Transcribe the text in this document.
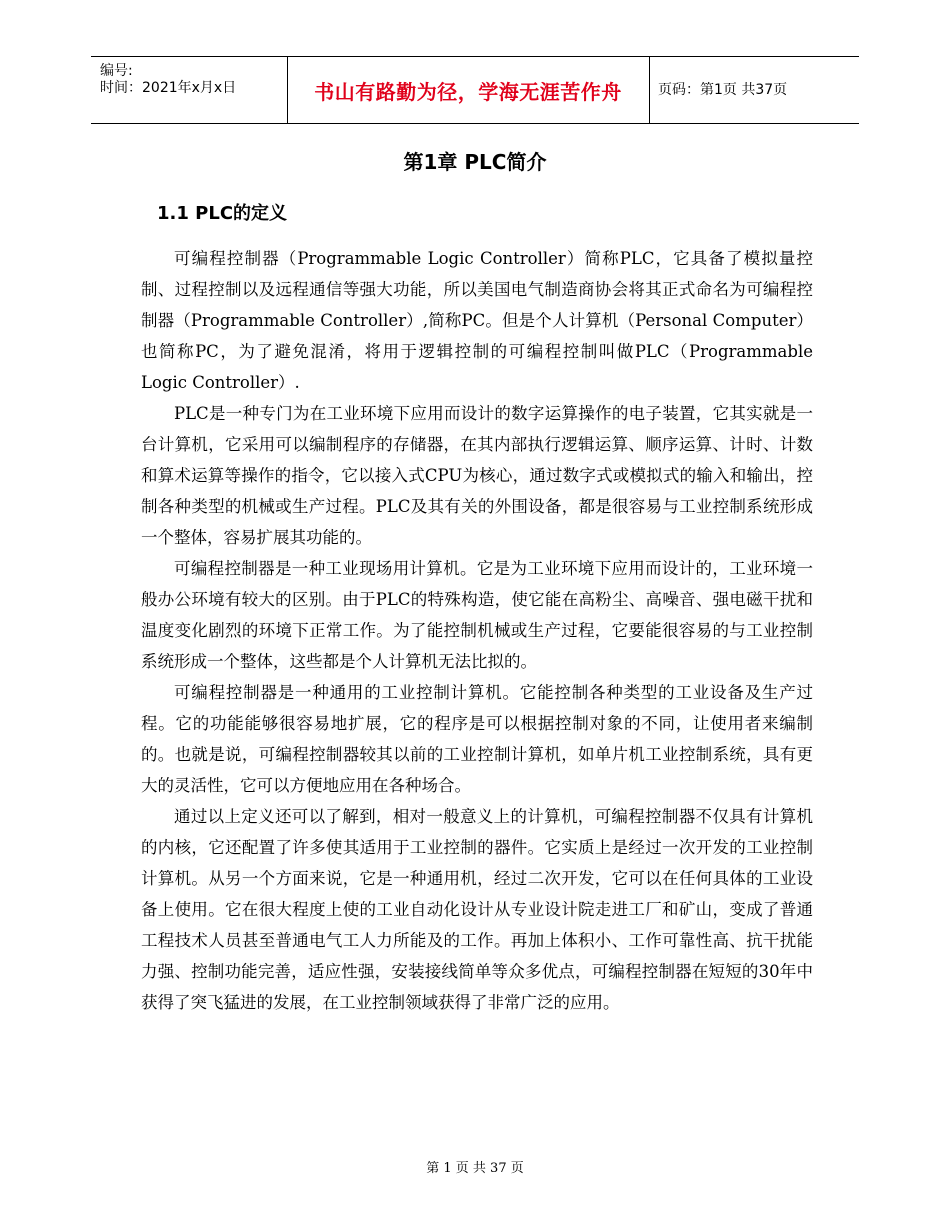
编号:
时间：2021年x月x日	书山有路勤为径，学海无涯苦作舟	页码：第1页 共37页
第1章 PLC简介
1.1 PLC的定义

可编程控制器（Programmable Logic Controller）简称PLC，它具备了模拟量控制、过程控制以及远程通信等强大功能，所以美国电气制造商协会将其正式命名为可编程控制器（Programmable Controller）,简称PC。但是个人计算机（Personal Computer）也简称PC，为了避免混淆，将用于逻辑控制的可编程控制叫做PLC（Programmable Logic Controller）.

PLC是一种专门为在工业环境下应用而设计的数字运算操作的电子装置，它其实就是一台计算机，它采用可以编制程序的存储器，在其内部执行逻辑运算、顺序运算、计时、计数和算术运算等操作的指令，它以接入式CPU为核心，通过数字式或模拟式的输入和输出，控制各种类型的机械或生产过程。PLC及其有关的外围设备，都是很容易与工业控制系统形成一个整体，容易扩展其功能的。

可编程控制器是一种工业现场用计算机。它是为工业环境下应用而设计的，工业环境一般办公环境有较大的区别。由于PLC的特殊构造，使它能在高粉尘、高噪音、强电磁干扰和温度变化剧烈的环境下正常工作。为了能控制机械或生产过程，它要能很容易的与工业控制系统形成一个整体，这些都是个人计算机无法比拟的。

可编程控制器是一种通用的工业控制计算机。它能控制各种类型的工业设备及生产过程。它的功能能够很容易地扩展，它的程序是可以根据控制对象的不同，让使用者来编制的。也就是说，可编程控制器较其以前的工业控制计算机，如单片机工业控制系统，具有更大的灵活性，它可以方便地应用在各种场合。

通过以上定义还可以了解到，相对一般意义上的计算机，可编程控制器不仅具有计算机的内核，它还配置了许多使其适用于工业控制的器件。它实质上是经过一次开发的工业控制计算机。从另一个方面来说，它是一种通用机，经过二次开发，它可以在任何具体的工业设备上使用。它在很大程度上使的工业自动化设计从专业设计院走进工厂和矿山，变成了普通工程技术人员甚至普通电气工人力所能及的工作。再加上体积小、工作可靠性高、抗干扰能力强、控制功能完善，适应性强，安装接线简单等众多优点，可编程控制器在短短的30年中获得了突飞猛进的发展，在工业控制领域获得了非常广泛的应用。

第 1 页 共 37 页
